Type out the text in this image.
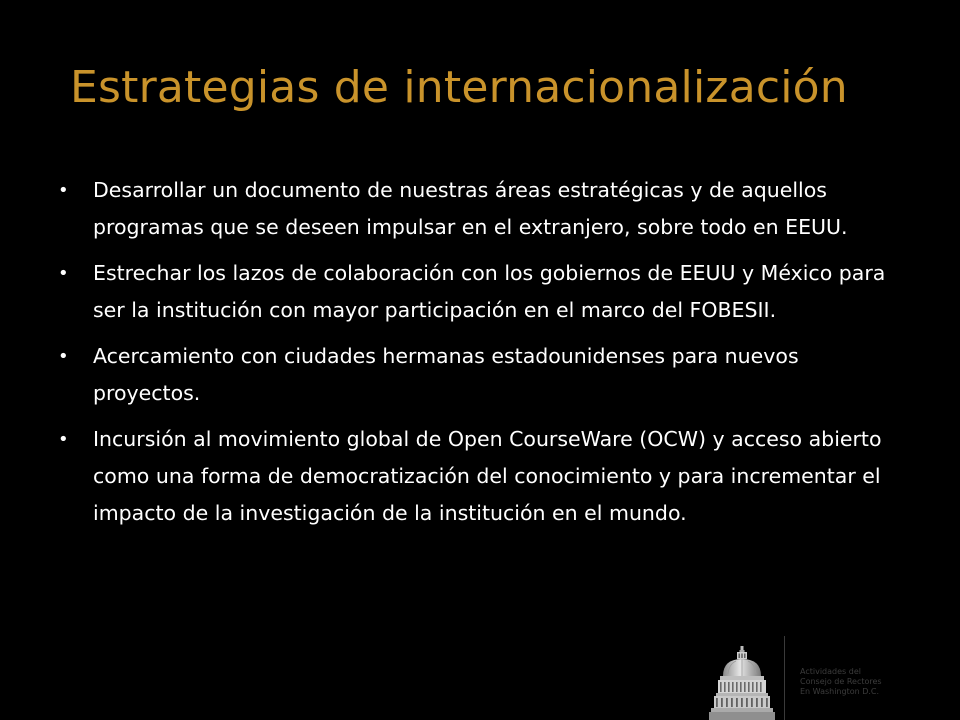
Estrategias de internacionalización
• Desarrollar un documento de nuestras áreas estratégicas y de aquellos programas que se deseen impulsar en el extranjero, sobre todo en EEUU.
• Estrechar los lazos de colaboración con los gobiernos de EEUU y México para ser la institución con mayor participación en el marco del FOBESII.
• Acercamiento con ciudades hermanas estadounidenses para nuevos proyectos.
• Incursión al movimiento global de Open CourseWare (OCW) y acceso abierto como una forma de democratización del conocimiento y para incrementar el impacto de la investigación de la institución en el mundo.
Actividades del
Consejo de Rectores
En Washington D.C.
